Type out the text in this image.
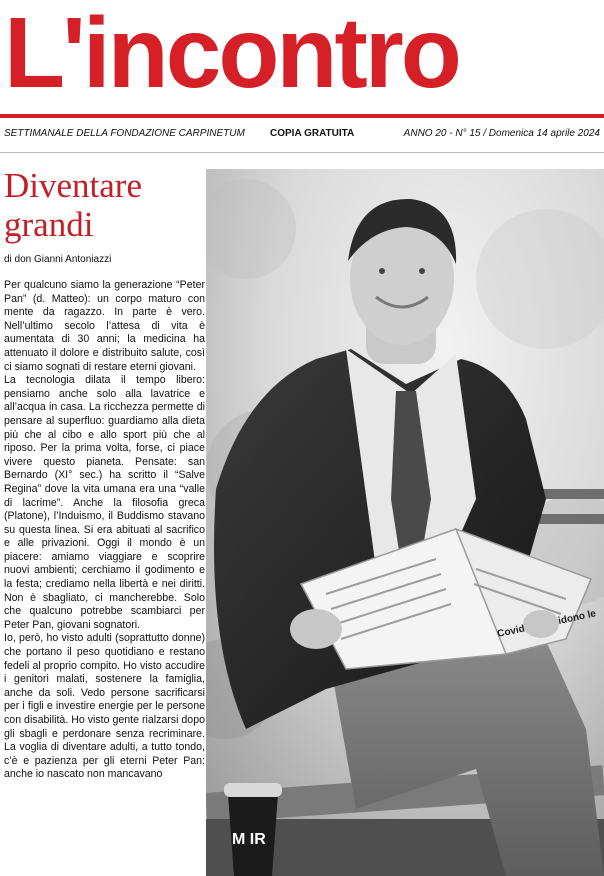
L'incontro
SETTIMANALE DELLA FONDAZIONE CARPINETUM	COPIA GRATUITA	ANNO 20 - N° 15 / Domenica 14 aprile 2024
Diventare grandi
di don Gianni Antoniazzi

Per qualcuno siamo la generazione “Peter Pan” (d. Matteo): un corpo maturo con mente da ragazzo. In parte è vero. Nell’ultimo secolo l’attesa di vita è aumentata di 30 anni; la medicina ha attenuato il dolore e distribuito salute, così ci siamo sognati di restare eterni giovani.

La tecnologia dilata il tempo libero: pensiamo anche solo alla lavatrice e all’acqua in casa. La ricchezza permette di pensare al superfluo: guardiamo alla dieta più che al cibo e allo sport più che al riposo. Per la prima volta, forse, ci piace vivere questo pianeta. Pensate: san Bernardo (XI° sec.) ha scritto il “Salve Regina” dove la vita umana era una “valle di lacrime”. Anche la filosofia greca (Platone), l’Induismo, il Buddismo stavano su questa linea. Si era abituati al sacrifico e alle privazioni. Oggi il mondo è un piacere: amiamo viaggiare e scoprire nuovi ambienti; cerchiamo il godimento e la festa; crediamo nella libertà e nei diritti. Non è sbagliato, ci mancherebbe. Solo che qualcuno potrebbe scambiarci per Peter Pan, giovani sognatori.

Io, però, ho visto adulti (soprattutto donne) che portano il peso quotidiano e restano fedeli al proprio compito. Ho visto accudire i genitori malati, sostenere la famiglia, anche da soli. Vedo persone sacrificarsi per i figli e investire energie per le persone con disabilità. Ho visto gente rialzarsi dopo gli sbagli e perdonare senza recriminare. La voglia di diventare adulti, a tutto tondo, c’è e pazienza per gli eterni Peter Pan: anche io nascato non mancavano

Covid-19 decidono le
M IR
